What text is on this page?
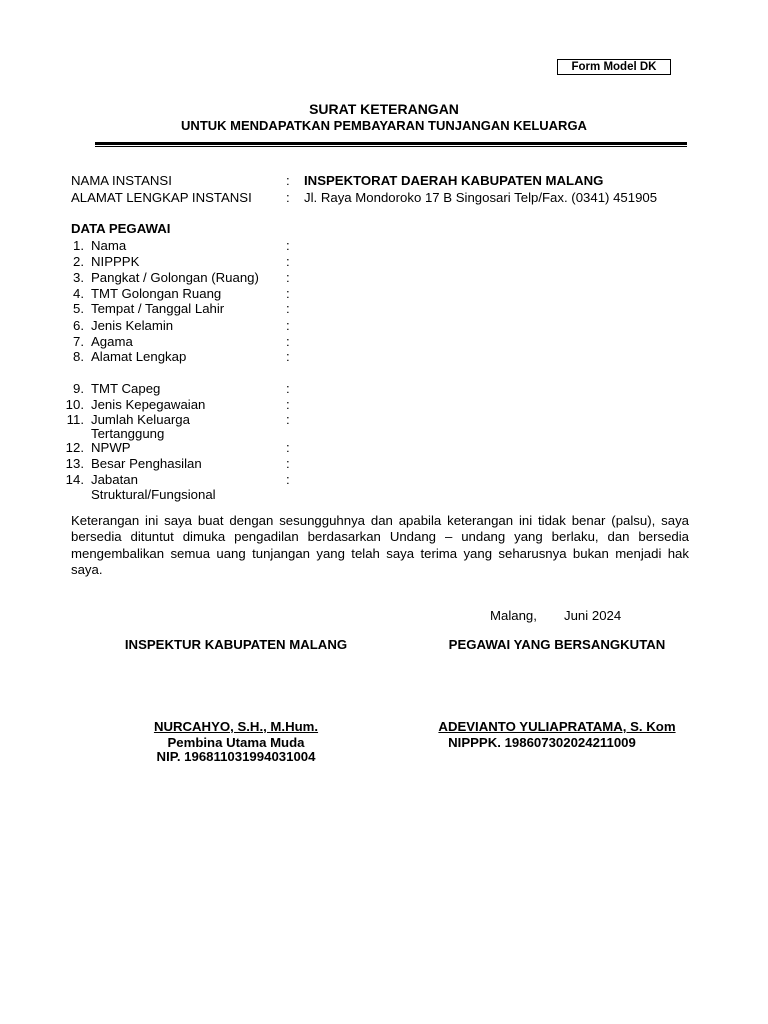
Form Model DK
SURAT KETERANGAN
UNTUK MENDAPATKAN PEMBAYARAN TUNJANGAN KELUARGA
NAMA INSTANSI	: INSPEKTORAT DAERAH KABUPATEN MALANG
ALAMAT LENGKAP INSTANSI	: Jl. Raya Mondoroko 17 B Singosari Telp/Fax. (0341) 451905
DATA PEGAWAI
1. Nama	:
2. NIPPPK	:
3. Pangkat / Golongan (Ruang) :
4. TMT Golongan Ruang	:
5. Tempat / Tanggal Lahir	:
6. Jenis Kelamin	:
7. Agama	:
8. Alamat Lengkap	:
9. TMT Capeg	:
10. Jenis Kepegawaian	:
11. Jumlah Keluarga
Tertanggung
:
12. NPWP	:
13. Besar Penghasilan	:
14. Jabatan
Struktural/Fungsional
:
Keterangan ini saya buat dengan sesungguhnya dan apabila keterangan ini tidak benar (palsu), saya bersedia dituntut dimuka pengadilan berdasarkan Undang – undang yang berlaku, dan bersedia mengembalikan semua uang tunjangan yang telah saya terima yang seharusnya bukan menjadi hak saya.
Malang, Juni 2024
INSPEKTUR KABUPATEN MALANG	PEGAWAI YANG BERSANGKUTAN
NURCAHYO, S.H., M.Hum.
Pembina Utama Muda
NIP. 196811031994031004
ADEVIANTO YULIAPRATAMA, S. Kom
NIPPPK. 198607302024211009
